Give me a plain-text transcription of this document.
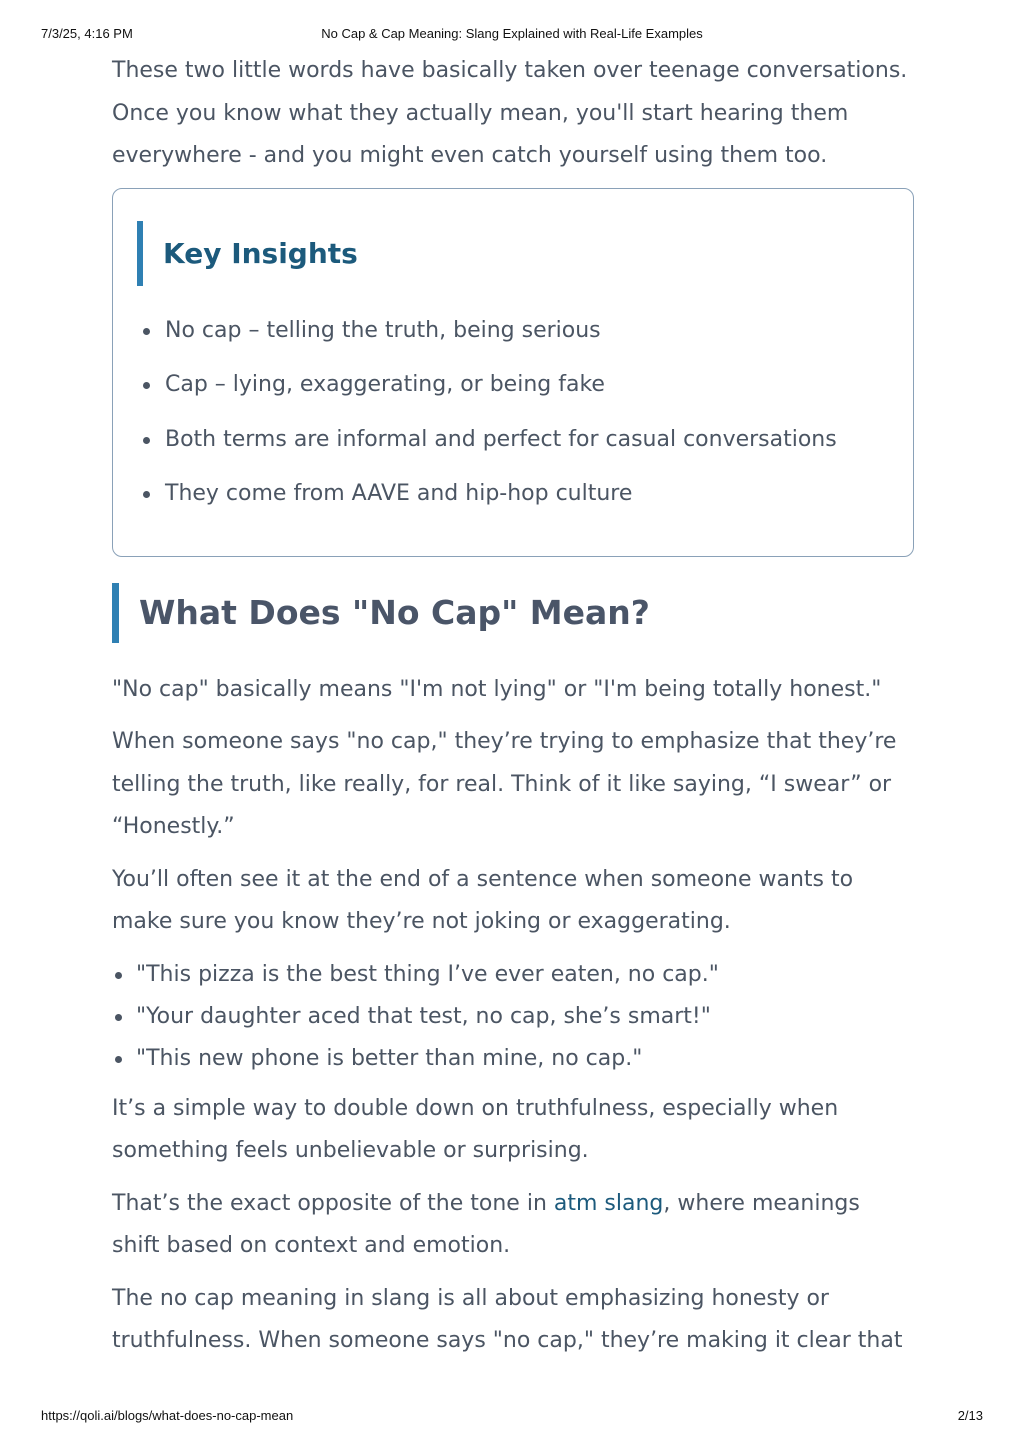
7/3/25, 4:16 PM	No Cap & Cap Meaning: Slang Explained with Real-Life Examples

These two little words have basically taken over teenage conversations. Once you know what they actually mean, you'll start hearing them everywhere - and you might even catch yourself using them too.

Key Insights
No cap – telling the truth, being serious
Cap – lying, exaggerating, or being fake
Both terms are informal and perfect for casual conversations
They come from AAVE and hip-hop culture
What Does "No Cap" Mean?

"No cap" basically means "I'm not lying" or "I'm being totally honest."

When someone says "no cap," they’re trying to emphasize that they’re telling the truth, like really, for real. Think of it like saying, “I swear” or “Honestly.”

You’ll often see it at the end of a sentence when someone wants to make sure you know they’re not joking or exaggerating.

"This pizza is the best thing I’ve ever eaten, no cap."
"Your daughter aced that test, no cap, she’s smart!"
"This new phone is better than mine, no cap."

It’s a simple way to double down on truthfulness, especially when something feels unbelievable or surprising.

That’s the exact opposite of the tone in atm slang, where meanings shift based on context and emotion.

The no cap meaning in slang is all about emphasizing honesty or truthfulness. When someone says "no cap," they’re making it clear that

https://qoli.ai/blogs/what-does-no-cap-mean	2/13
